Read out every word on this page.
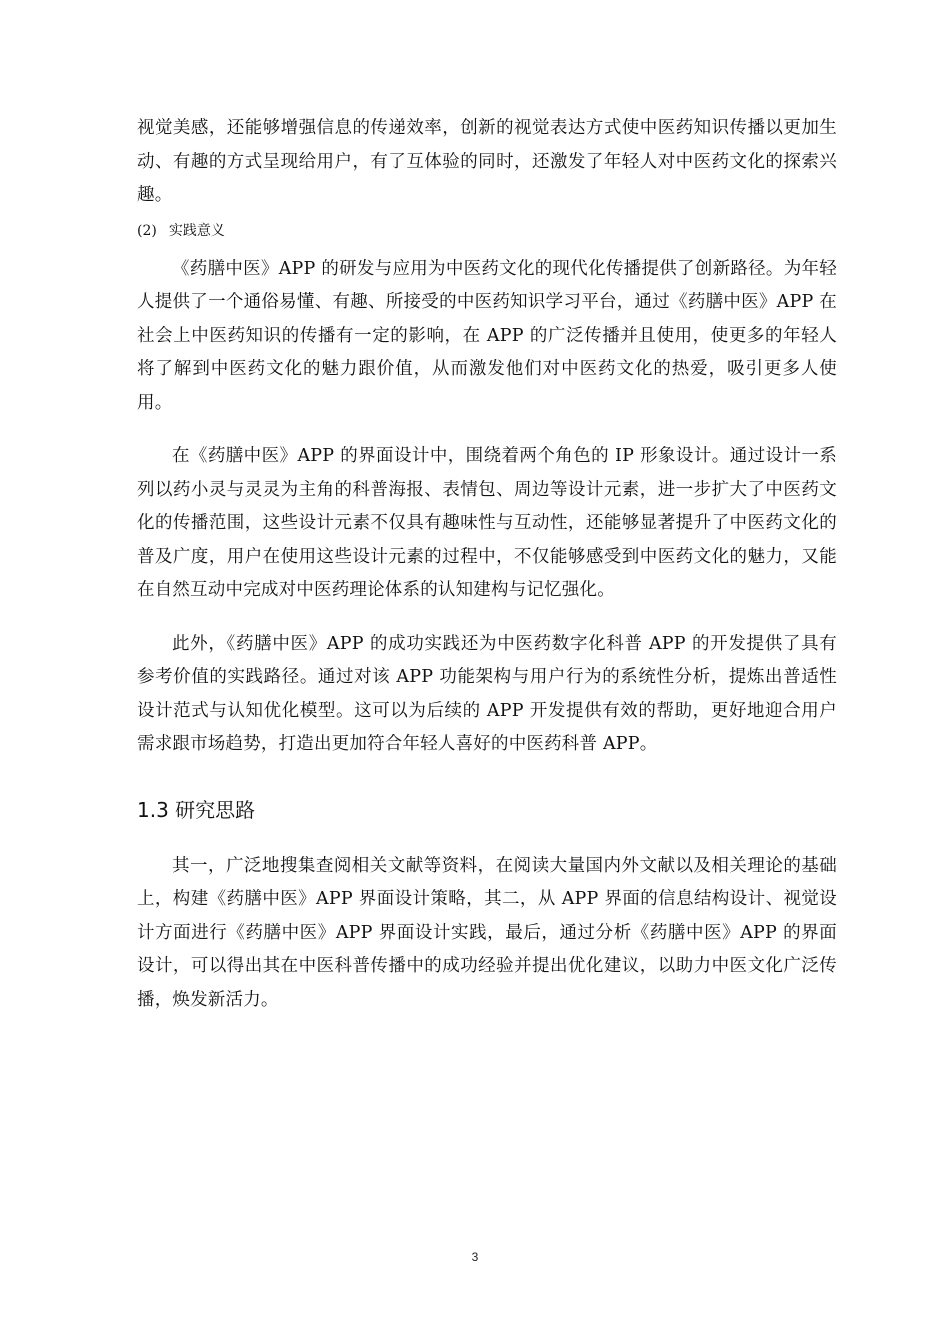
视觉美感，还能够增强信息的传递效率，创新的视觉表达方式使中医药知识传播以更加生动、有趣的方式呈现给用户，有了互体验的同时，还激发了年轻人对中医药文化的探索兴趣。

(2) 实践意义

《药膳中医》APP 的研发与应用为中医药文化的现代化传播提供了创新路径。为年轻人提供了一个通俗易懂、有趣、所接受的中医药知识学习平台，通过《药膳中医》APP 在社会上中医药知识的传播有一定的影响，在 APP 的广泛传播并且使用，使更多的年轻人将了解到中医药文化的魅力跟价值，从而激发他们对中医药文化的热爱，吸引更多人使用。

在《药膳中医》APP 的界面设计中，围绕着两个角色的 IP 形象设计。通过设计一系列以药小灵与灵灵为主角的科普海报、表情包、周边等设计元素，进一步扩大了中医药文化的传播范围，这些设计元素不仅具有趣味性与互动性，还能够显著提升了中医药文化的普及广度，用户在使用这些设计元素的过程中，不仅能够感受到中医药文化的魅力，又能在自然互动中完成对中医药理论体系的认知建构与记忆强化。

此外，《药膳中医》APP 的成功实践还为中医药数字化科普 APP 的开发提供了具有参考价值的实践路径。通过对该 APP 功能架构与用户行为的系统性分析，提炼出普适性设计范式与认知优化模型。这可以为后续的 APP 开发提供有效的帮助，更好地迎合用户需求跟市场趋势，打造出更加符合年轻人喜好的中医药科普 APP。

1.3 研究思路

其一，广泛地搜集查阅相关文献等资料，在阅读大量国内外文献以及相关理论的基础上，构建《药膳中医》APP 界面设计策略，其二，从 APP 界面的信息结构设计、视觉设计方面进行《药膳中医》APP 界面设计实践，最后，通过分析《药膳中医》APP 的界面设计，可以得出其在中医科普传播中的成功经验并提出优化建议，以助力中医文化广泛传播，焕发新活力。

3
